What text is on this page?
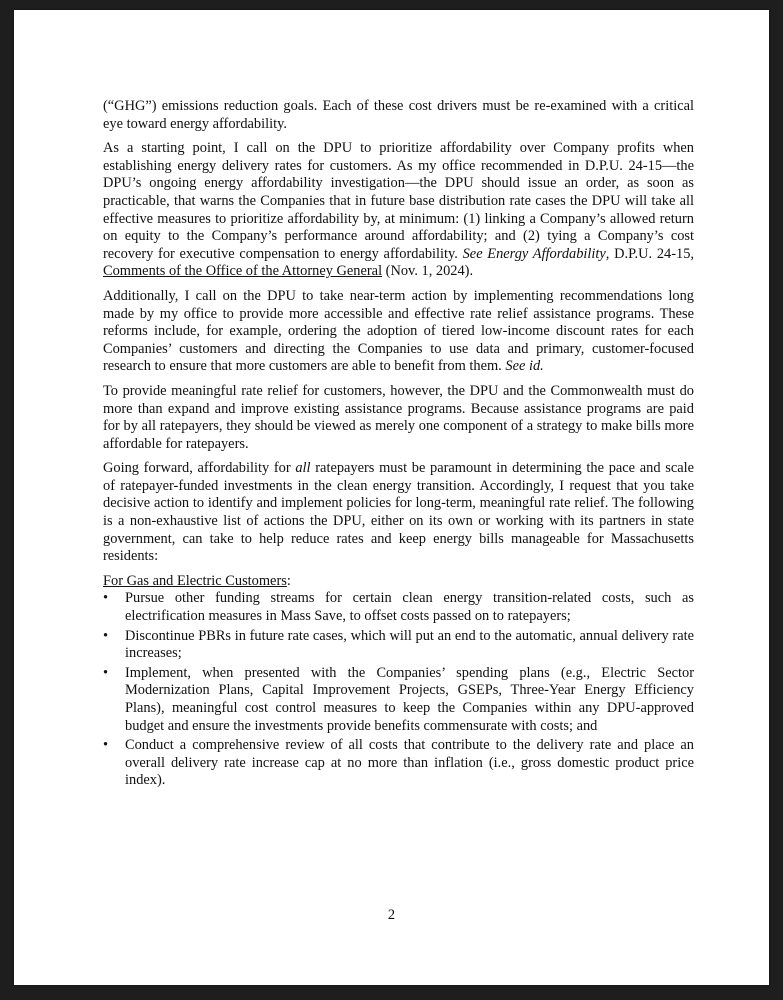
(“GHG”) emissions reduction goals. Each of these cost drivers must be re-examined with a critical eye toward energy affordability.

As a starting point, I call on the DPU to prioritize affordability over Company profits when establishing energy delivery rates for customers. As my office recommended in D.P.U. 24-15—the DPU’s ongoing energy affordability investigation—the DPU should issue an order, as soon as practicable, that warns the Companies that in future base distribution rate cases the DPU will take all effective measures to prioritize affordability by, at minimum: (1) linking a Company’s allowed return on equity to the Company’s performance around affordability; and (2) tying a Company’s cost recovery for executive compensation to energy affordability. See Energy Affordability, D.P.U. 24-15, Comments of the Office of the Attorney General (Nov. 1, 2024).

Additionally, I call on the DPU to take near-term action by implementing recommendations long made by my office to provide more accessible and effective rate relief assistance programs. These reforms include, for example, ordering the adoption of tiered low-income discount rates for each Companies’ customers and directing the Companies to use data and primary, customer-focused research to ensure that more customers are able to benefit from them. See id.

To provide meaningful rate relief for customers, however, the DPU and the Commonwealth must do more than expand and improve existing assistance programs. Because assistance programs are paid for by all ratepayers, they should be viewed as merely one component of a strategy to make bills more affordable for ratepayers.

Going forward, affordability for all ratepayers must be paramount in determining the pace and scale of ratepayer-funded investments in the clean energy transition. Accordingly, I request that you take decisive action to identify and implement policies for long-term, meaningful rate relief. The following is a non-exhaustive list of actions the DPU, either on its own or working with its partners in state government, can take to help reduce rates and keep energy bills manageable for Massachusetts residents:

For Gas and Electric Customers:
• Pursue other funding streams for certain clean energy transition-related costs, such as electrification measures in Mass Save, to offset costs passed on to ratepayers;
• Discontinue PBRs in future rate cases, which will put an end to the automatic, annual delivery rate increases;
• Implement, when presented with the Companies’ spending plans (e.g., Electric Sector Modernization Plans, Capital Improvement Projects, GSEPs, Three-Year Energy Efficiency Plans), meaningful cost control measures to keep the Companies within any DPU-approved budget and ensure the investments provide benefits commensurate with costs; and
• Conduct a comprehensive review of all costs that contribute to the delivery rate and place an overall delivery rate increase cap at no more than inflation (i.e., gross domestic product price index).
2
